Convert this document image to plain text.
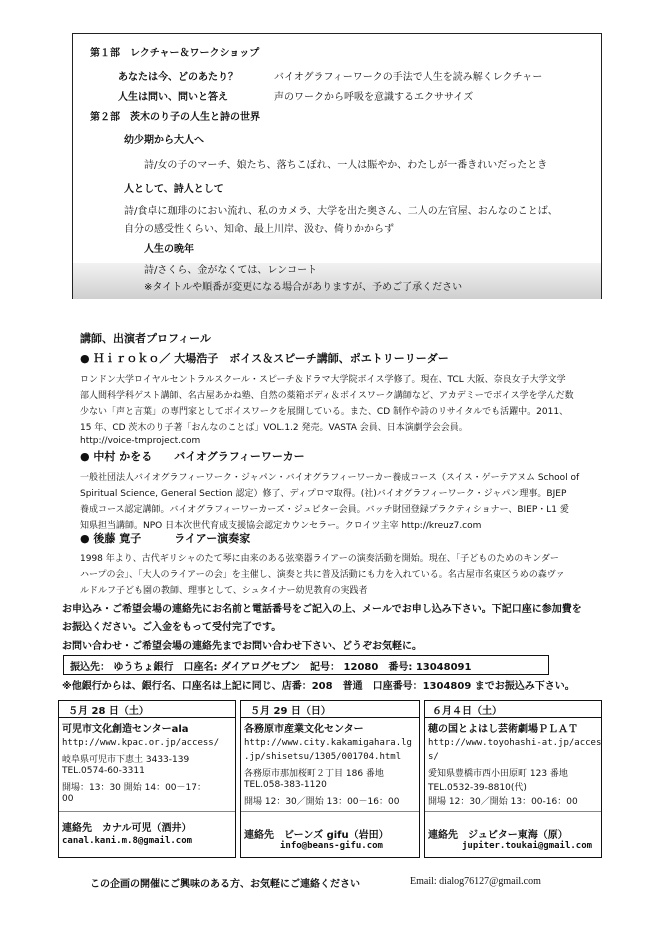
第１部　レクチャー＆ワークショップ
あなたは今、どのあたり？	バイオグラフィーワークの手法で人生を読み解くレクチャー
人生は問い、問いと答え	声のワークから呼吸を意識するエクササイズ
第２部　茨木のり子の人生と詩の世界
幼少期から大人へ
詩/女の子のマーチ、娘たち、落ちこぼれ、一人は賑やか、わたしが一番きれいだったとき
人として、詩人として
詩/食卓に珈琲のにおい流れ、私のカメラ、大学を出た奥さん、二人の左官屋、おんなのことば、
自分の感受性くらい、知命、最上川岸、汲む、倚りかからず
人生の晩年
詩/さくら、金がなくては、レンコート
※タイトルや順番が変更になる場合がありますが、予めご了承ください
講師、出演者プロフィール
● Ｈｉｒｏｋｏ／ 大場浩子　ボイス＆スピーチ講師、ポエトリーリーダー
ロンドン大学ロイヤルセントラルスクール・スピーチ＆ドラマ大学院ボイス学修了。現在、TCL 大阪、奈良女子大学文学
部人間科学科ゲスト講師、名古屋あかね塾、自然の薬箱ボディ＆ボイスワーク講師など、アカデミーでボイス学を学んだ数
少ない「声と言葉」の専門家としてボイスワークを展開している。また、CD 制作や詩のリサイタルでも活躍中。2011、
15 年、CD 茨木のり子著「おんなのことば」VOL.1.2 発売。VASTA 会員、日本演劇学会会員。
http://voice-tmproject.com
● 中村 かをる　　バイオグラフィーワーカー
一般社団法人バイオグラフィーワーク・ジャパン・バイオグラフィーワーカー養成コース（スイス・ゲーテアヌム School of
Spiritual Science, General Section 認定）修了、ディプロマ取得。(社)バイオグラフィーワーク・ジャパン理事。BJEP
養成コース認定講師。バイオグラフィーワーカーズ・ジュピター会員。バッチ財団登録プラクティショナー、BIEP・L1 愛
知県担当講師。NPO 日本次世代育成支援協会認定カウンセラー。クロイツ主宰 http://kreuz7.com
● 後藤 寛子　　　ライアー演奏家
1998 年より、古代ギリシャのたて琴に由来のある弦楽器ライアーの演奏活動を開始。現在、「子どものためのキンダー
ハープの会」、「大人のライアーの会」を主催し、演奏と共に普及活動にも力を入れている。名古屋市名東区うめの森ヴァ
ルドルフ子ども園の教師、理事として、シュタイナー幼児教育の実践者
お申込み・ご希望会場の連絡先にお名前と電話番号をご記入の上、メールでお申し込み下さい。下記口座に参加費を
お振込ください。ご入金をもって受付完了です。
お問い合わせ・ご希望会場の連絡先までお問い合わせ下さい、どうぞお気軽に。
振込先： ゆうちょ銀行　口座名: ダイアログセブン　記号： 12080　番号: 13048091
※他銀行からは、銀行名、口座名は上記に同じ、店番：208　普通　口座番号：1304809 までお振込み下さい。
５月 28 日（土）
可児市文化創造センターala
http://www.kpac.or.jp/access/
岐阜県可児市下恵土 3433-139
TEL.0574-60-3311
開場：13：30 開始 14：00－17：
00
連絡先　カナル可児（酒井）
canal.kani.m.8@gmail.com
５月 29 日（日）
各務原市産業文化センター
http://www.city.kakamigahara.lg
.jp/shisetsu/1305/001704.html
各務原市那加桜町２丁目 186 番地
TEL.058-383-1120
開場 12：30／開始 13：00－16：00
連絡先　ビーンズ gifu（岩田）
info@beans-gifu.com
６月４日（土）
穂の国とよはし芸術劇場ＰＬＡＴ
http://www.toyohashi-at.jp/acces
s/
愛知県豊橋市西小田原町 123 番地
TEL.0532-39-8810(代)
開場 12：30／開始 13：00-16：00
連絡先　ジュピター東海（原）
jupiter.toukai@gmail.com
この企画の開催にご興味のある方、お気軽にご連絡ください	Email: dialog76127@gmail.com
